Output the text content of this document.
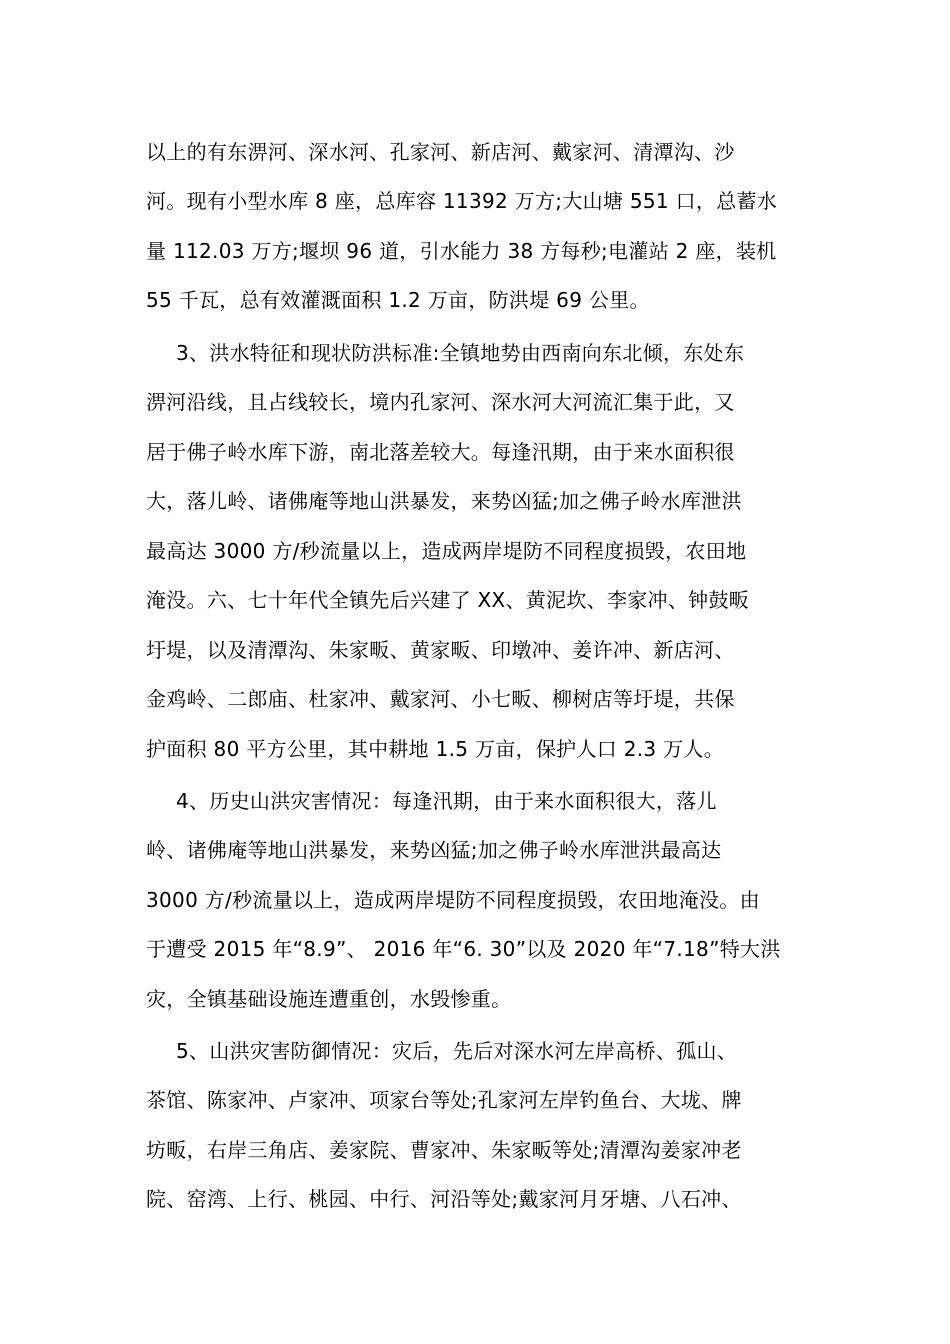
以上的有东淠河、深水河、孔家河、新店河、戴家河、清潭沟、沙
河。现有小型水库 8 座，总库容 11392 万方;大山塘 551 口，总蓄水
量 112.03 万方;堰坝 96 道，引水能力 38 方每秒;电灌站 2 座，装机
55 千瓦，总有效灌溉面积 1.2 万亩，防洪堤 69 公里。
3、洪水特征和现状防洪标准:全镇地势由西南向东北倾，东处东
淠河沿线，且占线较长，境内孔家河、深水河大河流汇集于此，又
居于佛子岭水库下游，南北落差较大。每逢汛期，由于来水面积很
大，落儿岭、诸佛庵等地山洪暴发，来势凶猛;加之佛子岭水库泄洪
最高达 3000 方/秒流量以上，造成两岸堤防不同程度损毁，农田地
淹没。六、七十年代全镇先后兴建了 XX、黄泥坎、李家冲、钟鼓畈
圩堤，以及清潭沟、朱家畈、黄家畈、印墩冲、姜许冲、新店河、
金鸡岭、二郎庙、杜家冲、戴家河、小七畈、柳树店等圩堤，共保
护面积 80 平方公里，其中耕地 1.5 万亩，保护人口 2.3 万人。
4、历史山洪灾害情况：每逢汛期，由于来水面积很大，落儿
岭、诸佛庵等地山洪暴发，来势凶猛;加之佛子岭水库泄洪最高达
3000 方/秒流量以上，造成两岸堤防不同程度损毁，农田地淹没。由
于遭受 2015 年“8.9”、 2016 年“6. 30”以及 2020 年“7.18”特大洪
灾，全镇基础设施连遭重创，水毁惨重。
5、山洪灾害防御情况：灾后，先后对深水河左岸高桥、孤山、
茶馆、陈家冲、卢家冲、项家台等处;孔家河左岸钓鱼台、大垅、牌
坊畈，右岸三角店、姜家院、曹家冲、朱家畈等处;清潭沟姜家冲老
院、窑湾、上行、桃园、中行、河沿等处;戴家河月牙塘、八石冲、
